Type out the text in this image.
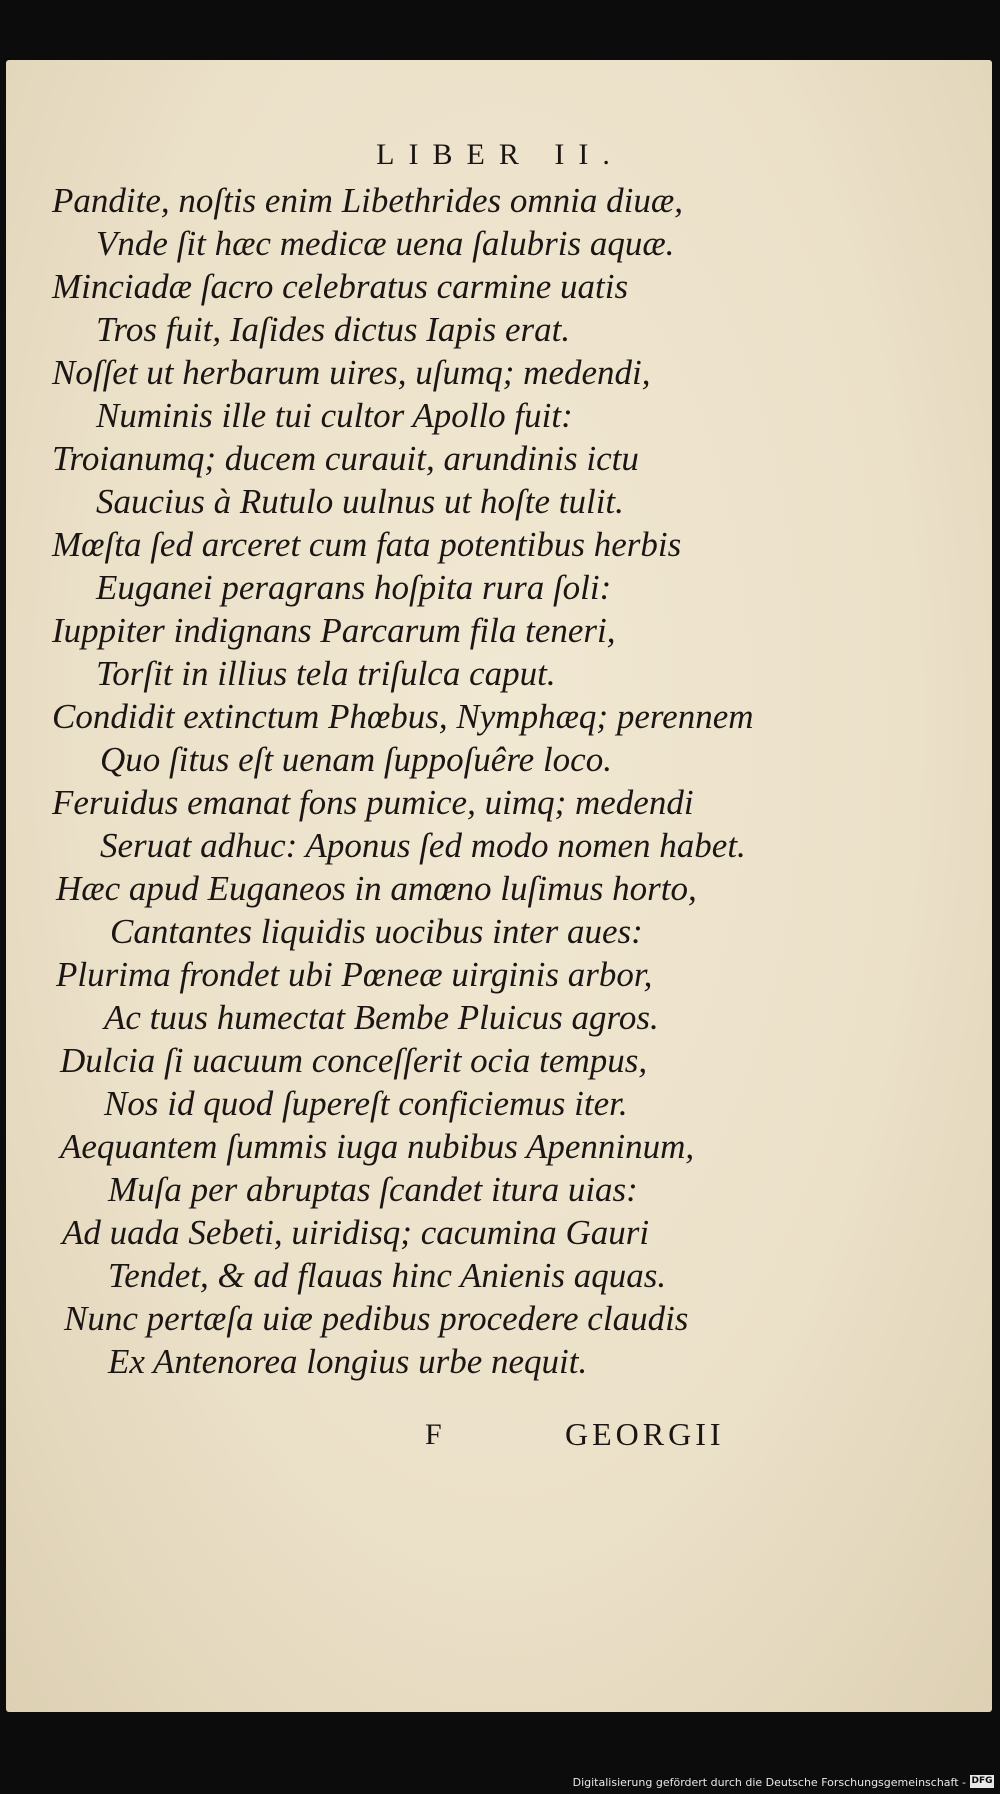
LIBER II.
Pandite, noſtis enim Libethrides omnia diuæ,
Vnde ſit hæc medicæ uena ſalubris aquæ.
Minciadæ ſacro celebratus carmine uatis
Tros fuit, Iaſides dictus Iapis erat.
Noſſet ut herbarum uires, uſumq; medendi,
Numinis ille tui cultor Apollo fuit:
Troianumq; ducem curauit, arundinis ictu
Saucius à Rutulo uulnus ut hoſte tulit.
Mœſta ſed arceret cum fata potentibus herbis
Euganei peragrans hoſpita rura ſoli:
Iuppiter indignans Parcarum fila teneri,
Torſit in illius tela triſulca caput.
Condidit extinctum Phœbus, Nymphæq; perennem
Quo ſitus eſt uenam ſuppoſuêre loco.
Feruidus emanat fons pumice, uimq; medendi
Seruat adhuc: Aponus ſed modo nomen habet.
Hæc apud Euganeos in amœno luſimus horto,
Cantantes liquidis uocibus inter aues:
Plurima frondet ubi Pœneæ uirginis arbor,
Ac tuus humectat Bembe Pluicus agros.
Dulcia ſi uacuum conceſſerit ocia tempus,
Nos id quod ſupereſt conficiemus iter.
Aequantem ſummis iuga nubibus Apenninum,
Muſa per abruptas ſcandet itura uias:
Ad uada Sebeti, uiridisq; cacumina Gauri
Tendet, & ad flauas hinc Anienis aquas.
Nunc pertæſa uiæ pedibus procedere claudis
Ex Antenorea longius urbe nequit.
F	GEORGII
Digitalisierung gefördert durch die Deutsche Forschungsgemeinschaft - DFG
